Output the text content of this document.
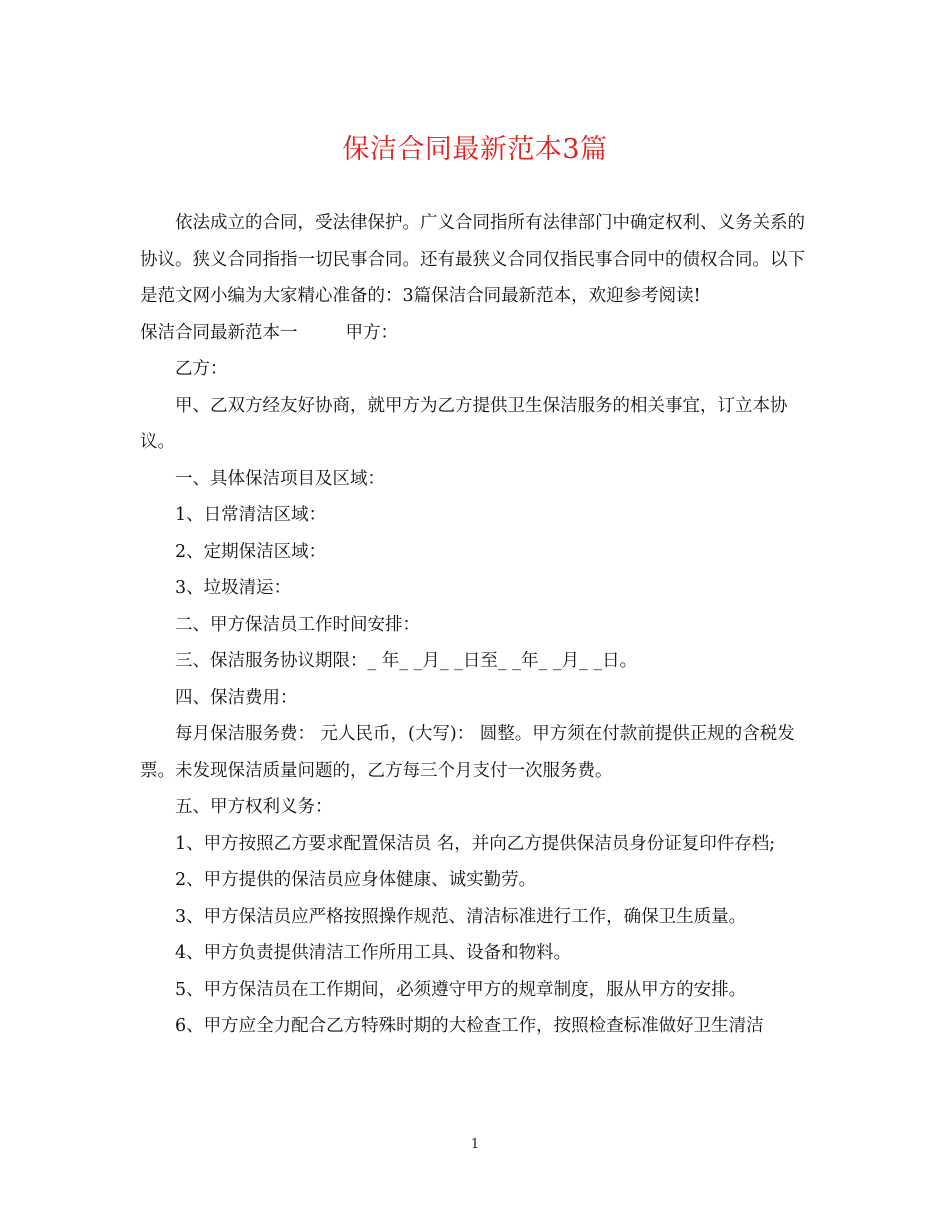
保洁合同最新范本3篇

依法成立的合同，受法律保护。广义合同指所有法律部门中确定权利、义务关系的协议。狭义合同指指一切民事合同。还有最狭义合同仅指民事合同中的债权合同。以下是范文网小编为大家精心准备的：3篇保洁合同最新范本，欢迎参考阅读!

保洁合同最新范本一	甲方：

乙方：

甲、乙双方经友好协商，就甲方为乙方提供卫生保洁服务的相关事宜，订立本协议。

一、具体保洁项目及区域：

1、日常清洁区域：

2、定期保洁区域：

3、垃圾清运：

二、甲方保洁员工作时间安排：

三、保洁服务协议期限：_ 年_ _月_ _日至_ _年_ _月_ _日。

四、保洁费用：

每月保洁服务费： 元人民币，(大写)： 圆整。甲方须在付款前提供正规的含税发票。未发现保洁质量问题的，乙方每三个月支付一次服务费。

五、甲方权利义务：

1、甲方按照乙方要求配置保洁员 名，并向乙方提供保洁员身份证复印件存档;

2、甲方提供的保洁员应身体健康、诚实勤劳。

3、甲方保洁员应严格按照操作规范、清洁标准进行工作，确保卫生质量。

4、甲方负责提供清洁工作所用工具、设备和物料。

5、甲方保洁员在工作期间，必须遵守甲方的规章制度，服从甲方的安排。

6、甲方应全力配合乙方特殊时期的大检查工作，按照检查标准做好卫生清洁

1
